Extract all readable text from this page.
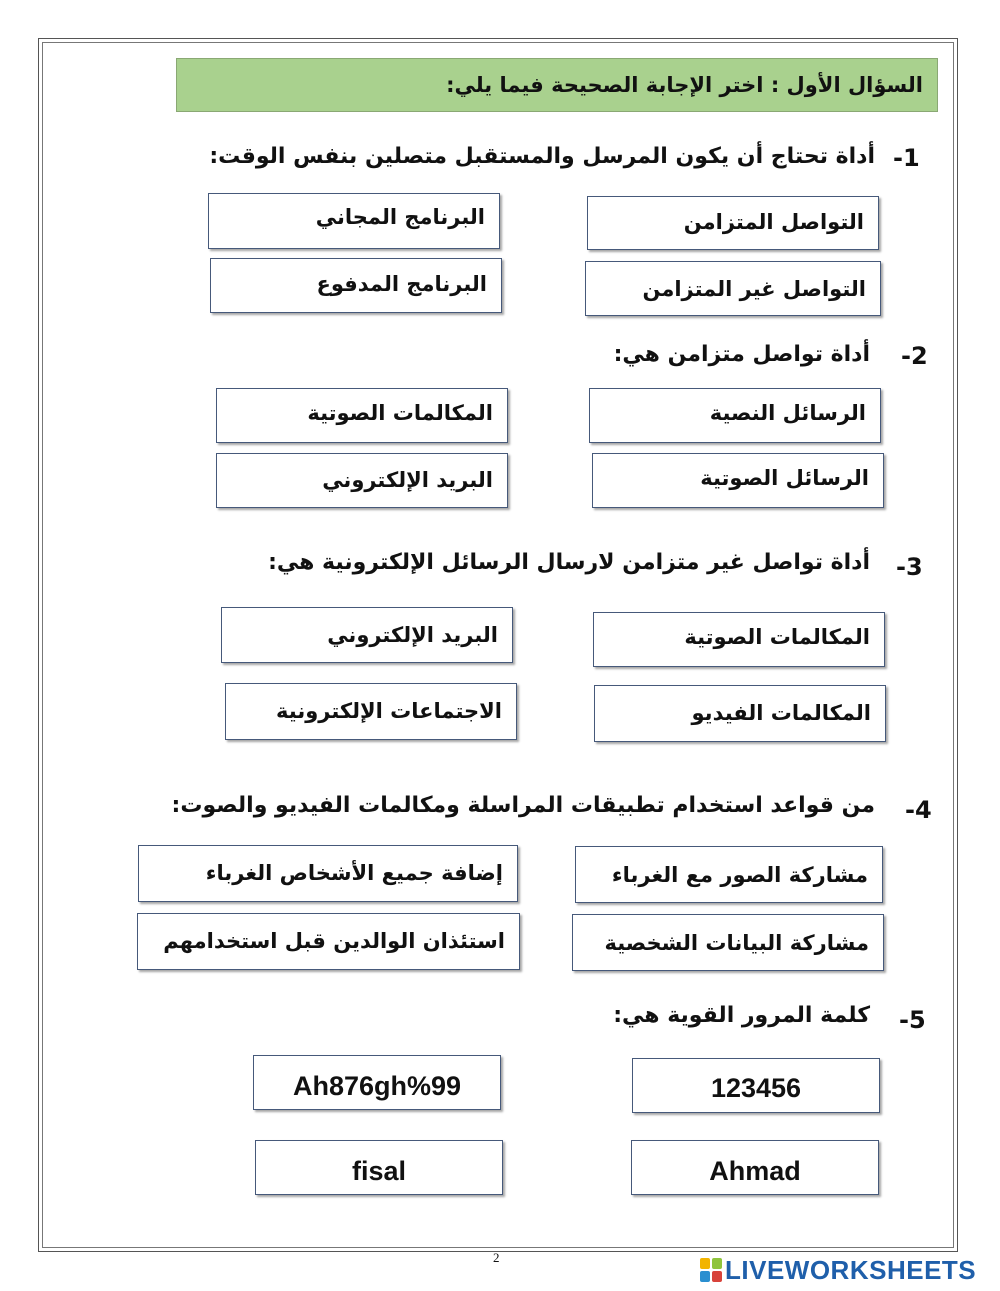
السؤال الأول : اختر الإجابة الصحيحة فيما يلي:
-1
أداة تحتاج أن يكون المرسل والمستقبل متصلين بنفس الوقت:
التواصل المتزامن
البرنامج المجاني
التواصل غير المتزامن
البرنامج المدفوع
-2
أداة تواصل متزامن هي:
الرسائل النصية
المكالمات الصوتية
الرسائل الصوتية
البريد الإلكتروني
-3
أداة تواصل غير متزامن لارسال الرسائل الإلكترونية هي:
المكالمات الصوتية
البريد الإلكتروني
المكالمات الفيديو
الاجتماعات الإلكترونية
-4
من قواعد استخدام تطبيقات المراسلة ومكالمات الفيديو والصوت:
مشاركة الصور مع الغرباء
إضافة جميع الأشخاص الغرباء
مشاركة البيانات الشخصية
استئذان الوالدين قبل استخدامهم
-5
كلمة المرور القوية هي:
123456
Ah876gh%99
Ahmad
fisal
2	LIVEWORKSHEETS
